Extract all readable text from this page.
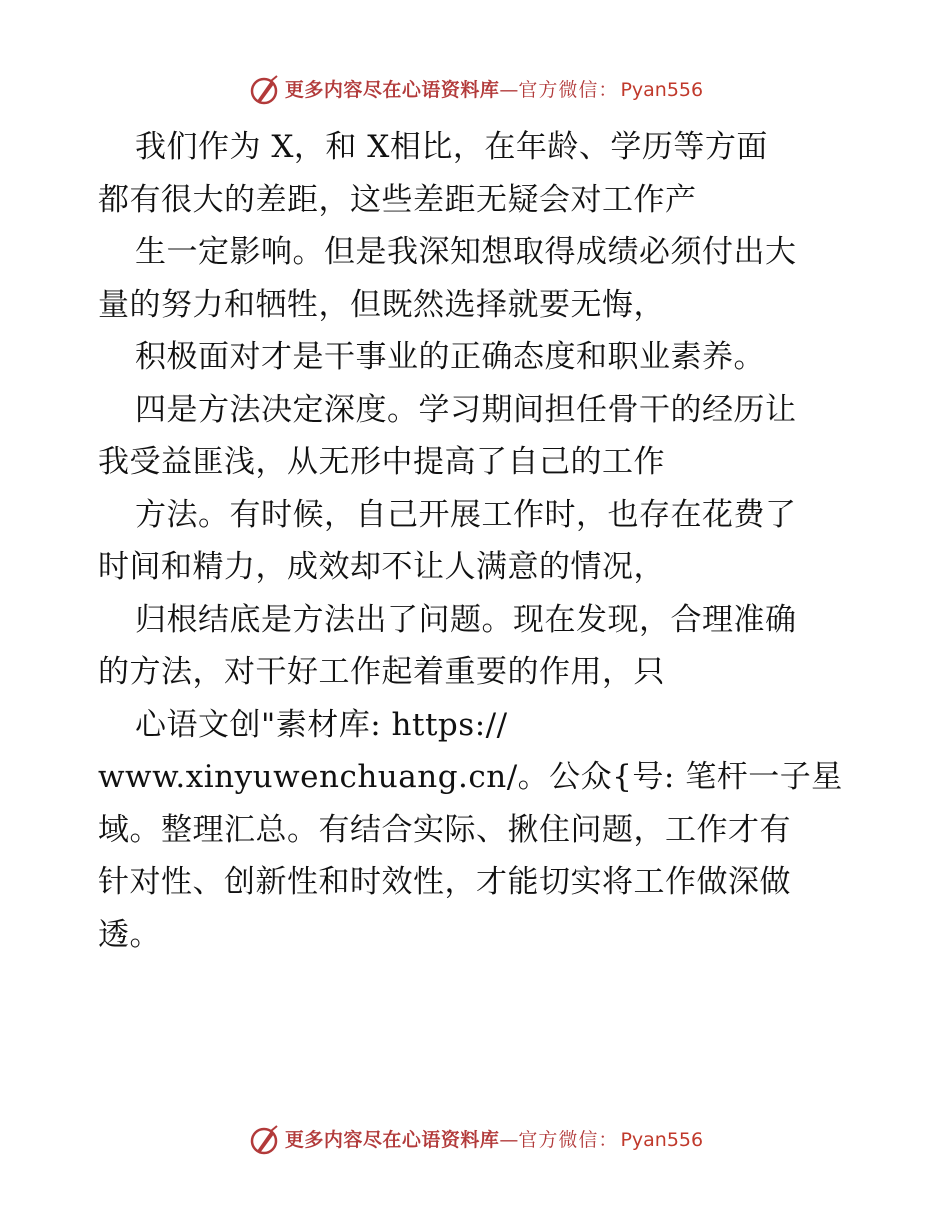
更多内容尽在心语资料库 — 官方微信： Pyan556
我们作为 X，和 X相比，在年龄、学历等方面
都有很大的差距，这些差距无疑会对工作产
生一定影响。但是我深知想取得成绩必须付出大
量的努力和牺牲，但既然选择就要无悔，
积极面对才是干事业的正确态度和职业素养。
四是方法决定深度。学习期间担任骨干的经历让
我受益匪浅，从无形中提高了自己的工作
方法。有时候，自己开展工作时，也存在花费了
时间和精力，成效却不让人满意的情况，
归根结底是方法出了问题。现在发现，合理准确
的方法，对干好工作起着重要的作用，只
心语文创"素材库: https://
www.xinyuwenchuang.cn/。公众{号: 笔杆一子星
域。整理汇总。有结合实际、揪住问题，工作才有
针对性、创新性和时效性，才能切实将工作做深做
透。
更多内容尽在心语资料库 — 官方微信： Pyan556
